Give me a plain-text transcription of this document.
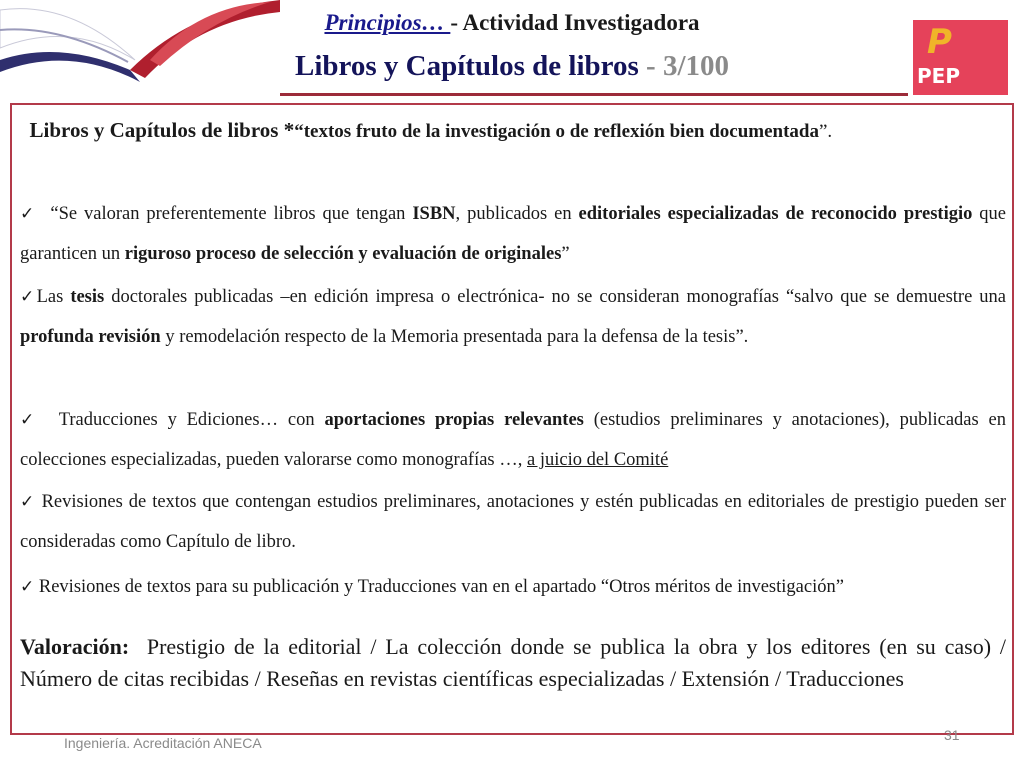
Principios… - Actividad Investigadora
Libros y Capítulos de libros - 3/100
P
PEP
Libros y Capítulos de libros *“textos fruto de la investigación o de reflexión bien documentada”.
✓ “Se valoran preferentemente libros que tengan ISBN, publicados en editoriales especializadas de reconocido prestigio que garanticen un riguroso proceso de selección y evaluación de originales”
✓Las tesis doctorales publicadas –en edición impresa o electrónica- no se consideran monografías “salvo que se demuestre una profunda revisión y remodelación respecto de la Memoria presentada para la defensa de la tesis”.
✓ Traducciones y Ediciones… con aportaciones propias relevantes (estudios preliminares y anotaciones), publicadas en colecciones especializadas, pueden valorarse como monografías …, a juicio del Comité
✓ Revisiones de textos que contengan estudios preliminares, anotaciones y estén publicadas en editoriales de prestigio pueden ser consideradas como Capítulo de libro.
✓ Revisiones de textos para su publicación y Traducciones van en el apartado “Otros méritos de investigación”
Valoración: Prestigio de la editorial / La colección donde se publica la obra y los editores (en su caso) / Número de citas recibidas / Reseñas en revistas científicas especializadas / Extensión / Traducciones
Ingeniería. Acreditación ANECA	31
